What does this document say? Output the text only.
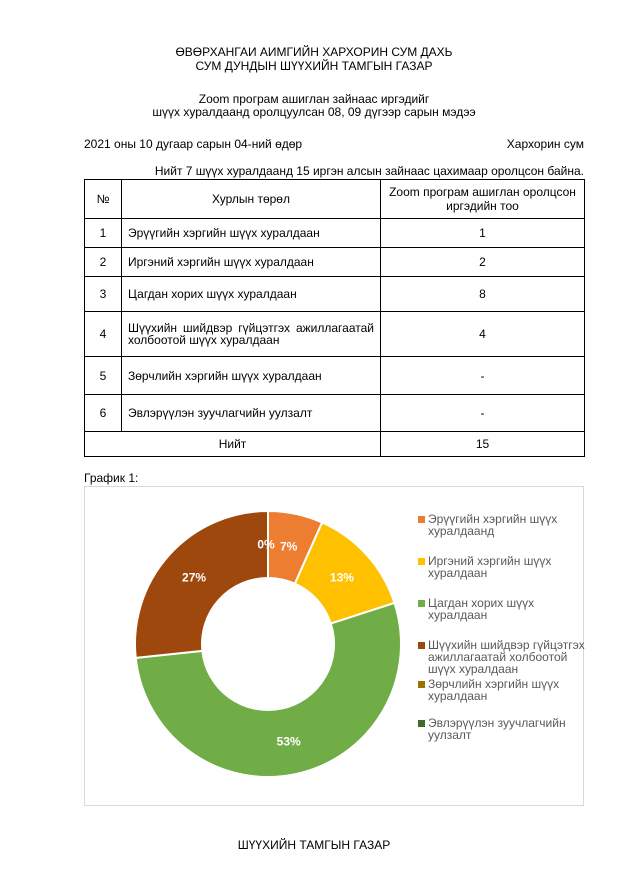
ӨВӨРХАНГАИ АИМГИЙН ХАРХОРИН СУМ ДАХЬ
СУМ ДУНДЫН ШҮҮХИЙН ТАМГЫН ГАЗАР
Zoom програм ашиглан зайнаас иргэдийг
шүүх хуралдаанд оролцуулсан 08, 09 дүгээр сарын мэдээ
2021 оны 10 дугаар сарын 04-ний өдөр	Хархорин сум
Нийт 7 шүүх хуралдаанд 15 иргэн алсын зайнаас цахимаар оролцсон байна.
№	Хурлын төрөл	Zoom програм ашиглан оролцсон иргэдийн тоо
1	Эрүүгийн хэргийн шүүх хуралдаан	1
2	Иргэний хэргийн шүүх хуралдаан	2
3	Цагдан хорих шүүх хуралдаан	8
4	Шүүхийн шийдвэр гүйцэтгэх ажиллагаатай холбоотой шүүх хуралдаан	4
5	Зөрчлийн хэргийн шүүх хуралдаан	-
6	Эвлэрүүлэн зуучлагчийн уулзалт	-
Нийт		15
График 1:
7%
13%
53%
27%
0%
Эрүүгийн хэргийн шүүх хуралдаанд
Иргэний хэргийн шүүх хуралдаан
Цагдан хорих шүүх хуралдаан
Шүүхийн шийдвэр гүйцэтгэх ажиллагаатай холбоотой шүүх хуралдаан
Зөрчлийн хэргийн шүүх хуралдаан
Эвлэрүүлэн зуучлагчийн уулзалт
ШҮҮХИЙН ТАМГЫН ГАЗАР
